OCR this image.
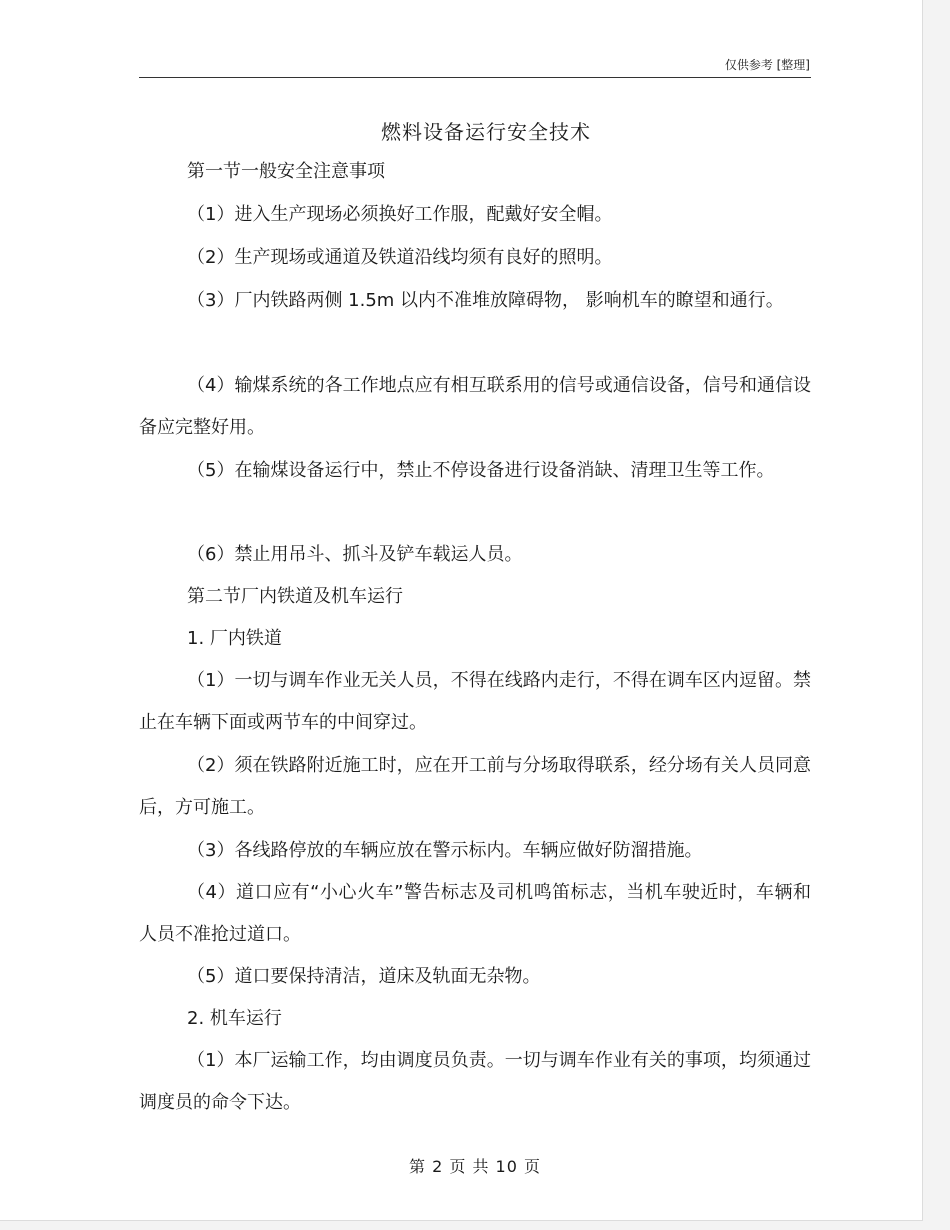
仅供参考 [整理]
燃料设备运行安全技术

第一节一般安全注意事项

（1）进入生产现场必须换好工作服，配戴好安全帽。

（2）生产现场或通道及铁道沿线均须有良好的照明。

（3）厂内铁路两侧 1.5m 以内不准堆放障碍物， 影响机车的瞭望和通行。

（4）输煤系统的各工作地点应有相互联系用的信号或通信设备，信号和通信设备应完整好用。

（5）在输煤设备运行中，禁止不停设备进行设备消缺、清理卫生等工作。

（6）禁止用吊斗、抓斗及铲车载运人员。

第二节厂内铁道及机车运行

1. 厂内铁道

（1）一切与调车作业无关人员，不得在线路内走行，不得在调车区内逗留。禁止在车辆下面或两节车的中间穿过。

（2）须在铁路附近施工时，应在开工前与分场取得联系，经分场有关人员同意后，方可施工。

（3）各线路停放的车辆应放在警示标内。车辆应做好防溜措施。

（4）道口应有“小心火车”警告标志及司机鸣笛标志，当机车驶近时，车辆和人员不准抢过道口。

（5）道口要保持清洁，道床及轨面无杂物。

2. 机车运行

（1）本厂运输工作，均由调度员负责。一切与调车作业有关的事项，均须通过调度员的命令下达。

第 2 页 共 10 页
